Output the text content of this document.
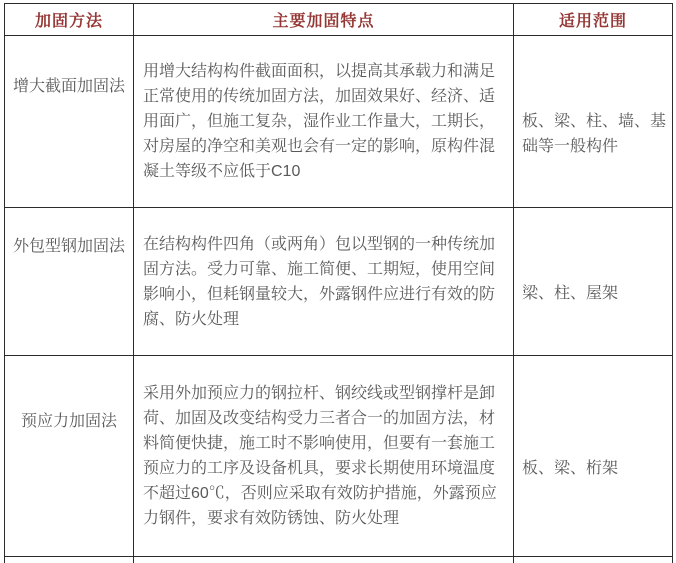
加固方法	主要加固特点	适用范围
增大截面加固法	用增大结构构件截面面积，以提高其承载力和满足正常使用的传统加固方法，加固效果好、经济、适用面广，但施工复杂，湿作业工作量大，工期长，对房屋的净空和美观也会有一定的影响，原构件混凝土等级不应低于C10	板、梁、柱、墙、基础等一般构件
外包型钢加固法	在结构构件四角（或两角）包以型钢的一种传统加固方法。受力可靠、施工简便、工期短，使用空间影响小，但耗钢量较大，外露钢件应进行有效的防腐、防火处理	梁、柱、屋架
预应力加固法	采用外加预应力的钢拉杆、钢绞线或型钢撑杆是卸荷、加固及改变结构受力三者合一的加固方法，材料简便快捷，施工时不影响使用，但要有一套施工预应力的工序及设备机具，要求长期使用环境温度不超过60℃，否则应采取有效防护措施，外露预应力钢件，要求有效防锈蚀、防火处理	板、梁、桁架
